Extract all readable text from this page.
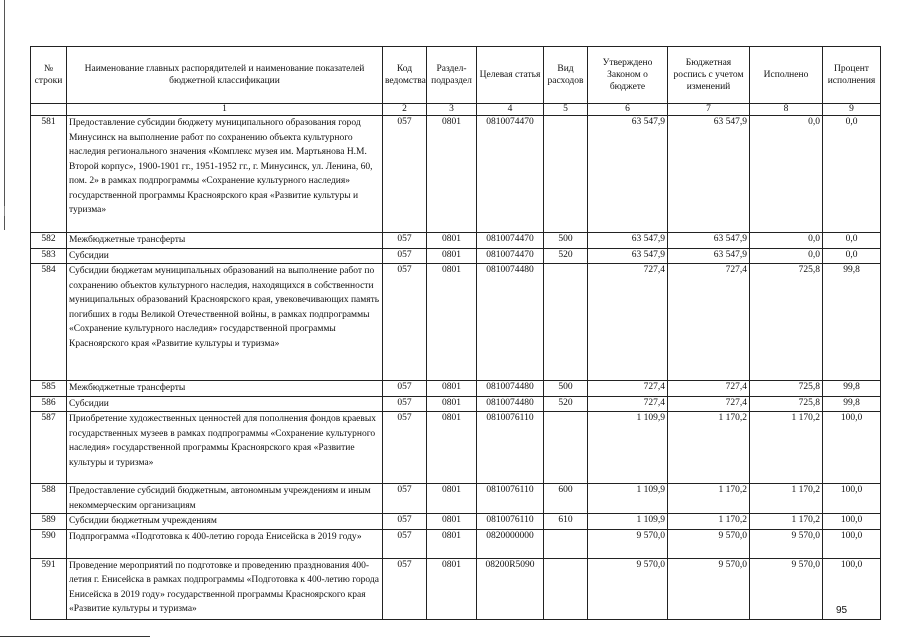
№ строки	Наименование главных распорядителей и наименование показателей бюджетной классификации	Код ведомства	Раздел-подраздел	Целевая статья	Вид расходов	Утверждено Законом о бюджете	Бюджетная роспись с учетом изменений	Исполнено	Процент исполнения
	1	2	3	4	5	6	7	8	9
581	Предоставление субсидии бюджету муниципального образования город Минусинск на выполнение работ по сохранению объекта культурного наследия регионального значения «Комплекс музея им. Мартьянова Н.М. Второй корпус», 1900-1901 гг., 1951-1952 гг., г. Минусинск, ул. Ленина, 60, пом. 2» в рамках подпрограммы «Сохранение культурного наследия» государственной программы Красноярского края «Развитие культуры и туризма»	057	0801	0810074470		63 547,9	63 547,9	0,0	0,0
582	Межбюджетные трансферты	057	0801	0810074470	500	63 547,9	63 547,9	0,0	0,0
583	Субсидии	057	0801	0810074470	520	63 547,9	63 547,9	0,0	0,0
584	Субсидии бюджетам муниципальных образований на выполнение работ по сохранению объектов культурного наследия, находящихся в собственности муниципальных образований Красноярского края, увековечивающих память погибших в годы Великой Отечественной войны, в рамках подпрограммы «Сохранение культурного наследия» государственной программы Красноярского края «Развитие культуры и туризма»	057	0801	0810074480		727,4	727,4	725,8	99,8
585	Межбюджетные трансферты	057	0801	0810074480	500	727,4	727,4	725,8	99,8
586	Субсидии	057	0801	0810074480	520	727,4	727,4	725,8	99,8
587	Приобретение художественных ценностей для пополнения фондов краевых государственных музеев в рамках подпрограммы «Сохранение культурного наследия» государственной программы Красноярского края «Развитие культуры и туризма»	057	0801	0810076110		1 109,9	1 170,2	1 170,2	100,0
588	Предоставление субсидий бюджетным, автономным учреждениям и иным некоммерческим организациям	057	0801	0810076110	600	1 109,9	1 170,2	1 170,2	100,0
589	Субсидии бюджетным учреждениям	057	0801	0810076110	610	1 109,9	1 170,2	1 170,2	100,0
590	Подпрограмма «Подготовка к 400-летию города Енисейска в 2019 году»	057	0801	0820000000		9 570,0	9 570,0	9 570,0	100,0
591	Проведение мероприятий по подготовке и проведению празднования 400-летия г. Енисейска в рамках подпрограммы «Подготовка к 400-летию города Енисейска в 2019 году» государственной программы Красноярского края «Развитие культуры и туризма»	057	0801	08200R5090		9 570,0	9 570,0	9 570,0	100,0
95
